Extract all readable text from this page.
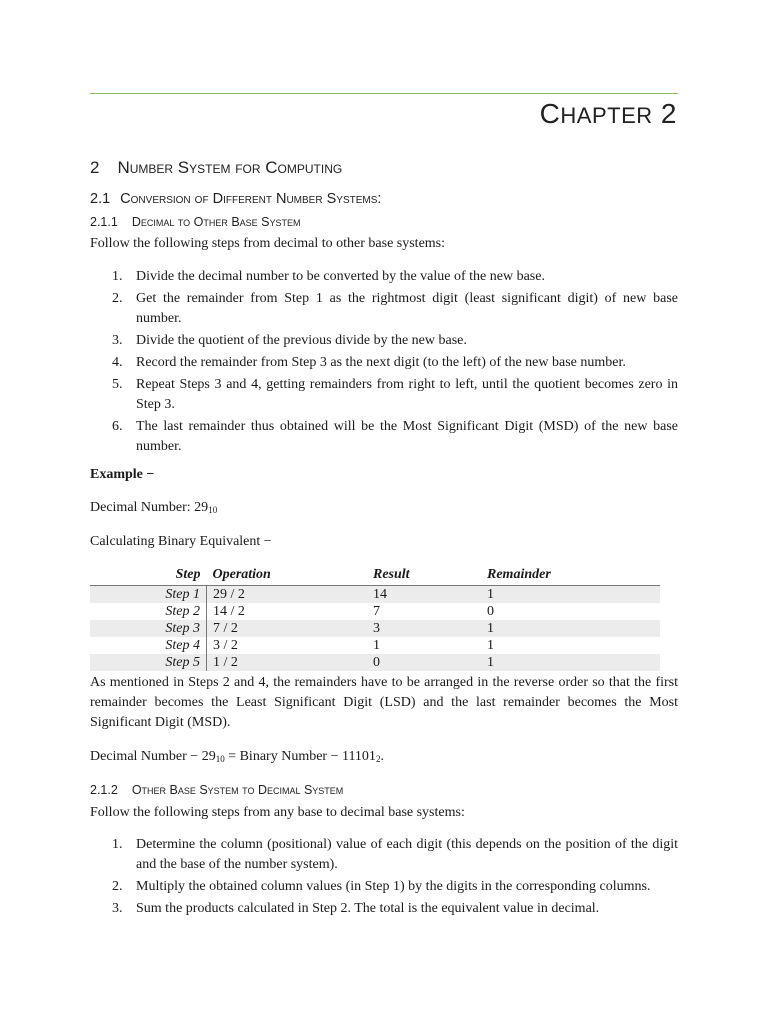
CHAPTER 2
2 Number System for Computing
2.1 Conversion of Different Number Systems:
2.1.1 Decimal to Other Base System
Follow the following steps from decimal to other base systems:
1. Divide the decimal number to be converted by the value of the new base.
2. Get the remainder from Step 1 as the rightmost digit (least significant digit) of new base number.
3. Divide the quotient of the previous divide by the new base.
4. Record the remainder from Step 3 as the next digit (to the left) of the new base number.
5. Repeat Steps 3 and 4, getting remainders from right to left, until the quotient becomes zero in Step 3.
6. The last remainder thus obtained will be the Most Significant Digit (MSD) of the new base number.
Example −
Decimal Number: $29_{10}$
Calculating Binary Equivalent −
Step	Operation	Result	Remainder
Step 1	29 / 2	14	1
Step 2	14 / 2	7	0
Step 3	7 / 2	3	1
Step 4	3 / 2	1	1
Step 5	1 / 2	0	1
As mentioned in Steps 2 and 4, the remainders have to be arranged in the reverse order so that the first remainder becomes the Least Significant Digit (LSD) and the last remainder becomes the Most Significant Digit (MSD).
Decimal Number − $29_{10}$ = Binary Number − $11101_2$.
2.1.2 Other Base System to Decimal System
Follow the following steps from any base to decimal base systems:
1. Determine the column (positional) value of each digit (this depends on the position of the digit and the base of the number system).
2. Multiply the obtained column values (in Step 1) by the digits in the corresponding columns.
3. Sum the products calculated in Step 2. The total is the equivalent value in decimal.
